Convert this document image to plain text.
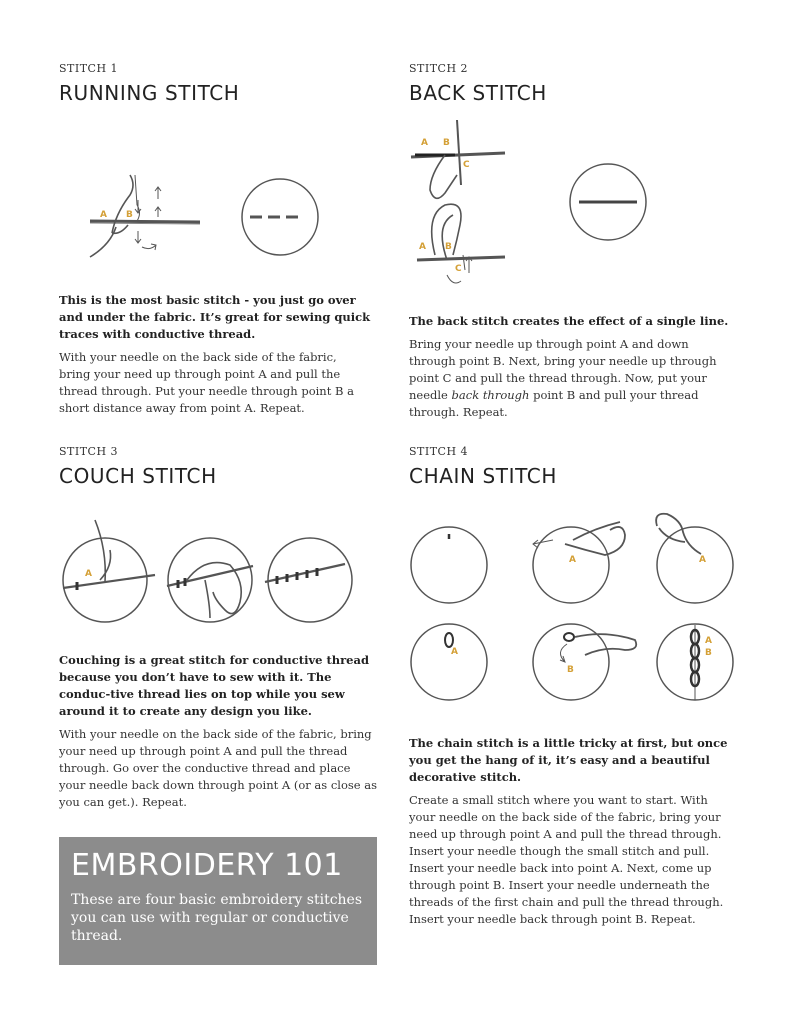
STITCH 1

RUNNING STITCH
A B

This is the most basic stitch - you just go over and under the fabric. It’s great for sewing quick traces with conductive thread.

With your needle on the back side of the fabric, bring your need up through point A and pull the thread through. Put your needle through point B a short distance away from point A. Repeat.

STITCH 2

BACK STITCH
A B
C
A B
C

The back stitch creates the effect of a single line.

Bring your needle up through point A and down through point B. Next, bring your needle up through point C and pull the thread through. Now, put your needle back through point B and pull your thread through. Repeat.

STITCH 3

COUCH STITCH
A

Couching is a great stitch for conductive thread because you don’t have to sew with it. The conduc-tive thread lies on top while you sew around it to create any design you like.

With your needle on the back side of the fabric, bring your need up through point A and pull the thread through. Go over the conductive thread and place your needle back down through point A (or as close as you can get.). Repeat.

STITCH 4

CHAIN STITCH
A	A
A
B
A
B

The chain stitch is a little tricky at first, but once you get the hang of it, it’s easy and a beautiful decorative stitch.

Create a small stitch where you want to start. With your needle on the back side of the fabric, bring your need up through point A and pull the thread through. Insert your needle though the small stitch and pull. Insert your needle back into point A. Next, come up through point B. Insert your needle underneath the threads of the first chain and pull the thread through. Insert your needle back through point B. Repeat.

EMBROIDERY 101

These are four basic embroidery stitches you can use with regular or conductive thread.
